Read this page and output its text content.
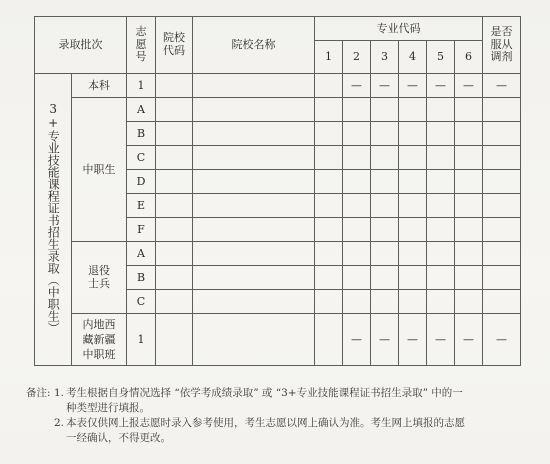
录取批次		志愿号	院校代码	院校名称	专业代码						是否服从调剂
					1	2	3	4	5	6	
3+专业技能课程证书招生录取（中职生）	本科	1				—	—	—	—	—	—
	中职生	A									
		B									
		C									
		D									
		E									
		F									
	退役士兵	A									
		B									
		C									
	内地西藏新疆中职班	1				—	—	—	—	—	—
备注: 1. 考生根据自身情况选择 “依学考成绩录取” 或 “3+专业技能课程证书招生录取” 中的一
种类型进行填报。
2. 本表仅供网上报志愿时录入参考使用，考生志愿以网上确认为准。考生网上填报的志愿
一经确认，不得更改。
